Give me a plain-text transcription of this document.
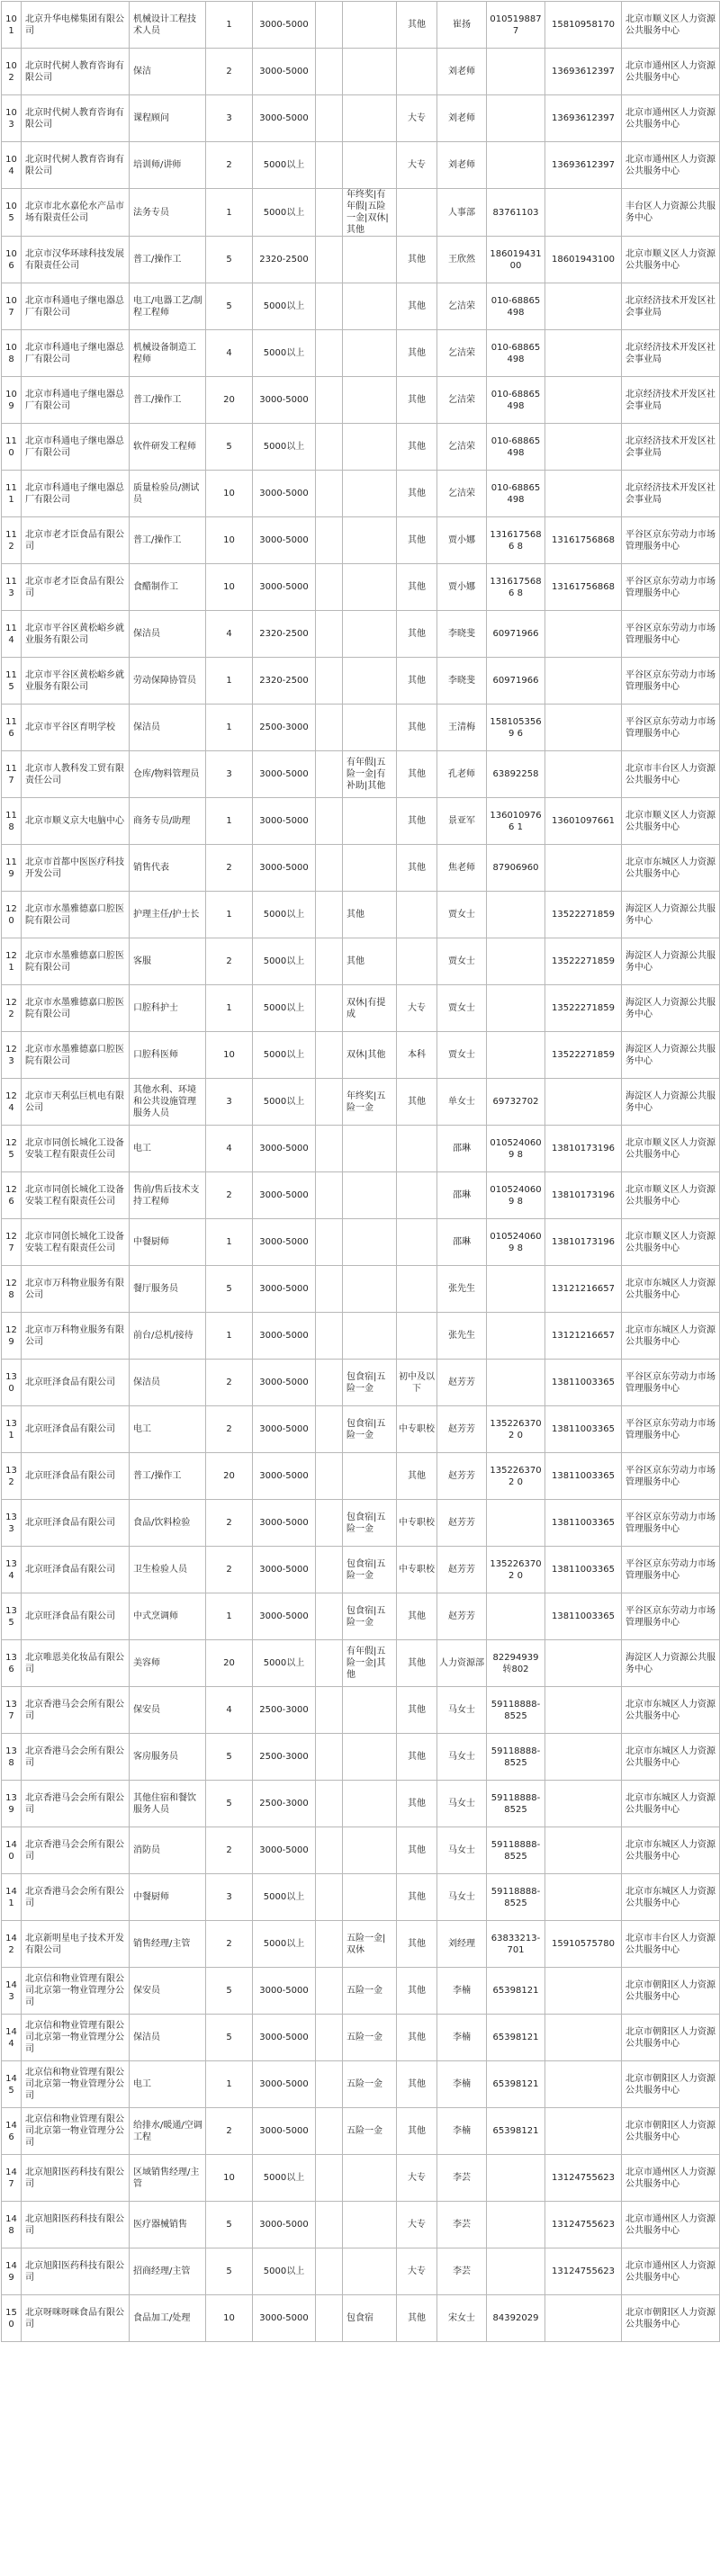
101	北京升华电梯集团有限公司	机械设计工程技术人员	1	3000-5000			其他	崔扬	010519887 7	15810958170	北京市顺义区人力资源公共服务中心
102	北京时代树人教育咨询有限公司	保洁	2	3000-5000				刘老师		13693612397	北京市通州区人力资源公共服务中心
103	北京时代树人教育咨询有限公司	课程顾问	3	3000-5000			大专	刘老师		13693612397	北京市通州区人力资源公共服务中心
104	北京时代树人教育咨询有限公司	培训师/讲师	2	5000以上			大专	刘老师		13693612397	北京市通州区人力资源公共服务中心
105	北京市北水嘉伦水产品市场有限责任公司	法务专员	1	5000以上		年终奖|有年假|五险一金|双休|其他		人事部	83761103		丰台区人力资源公共服务中心
106	北京市汉华环球科技发展有限责任公司	普工/操作工	5	2320-2500			其他	王欣然	18601943100	18601943100	北京市顺义区人力资源公共服务中心
107	北京市科通电子继电器总厂有限公司	电工/电器工艺/制程工程师	5	5000以上			其他	乞洁荣	010-68865498		北京经济技术开发区社会事业局
108	北京市科通电子继电器总厂有限公司	机械设备制造工程师	4	5000以上			其他	乞洁荣	010-68865498		北京经济技术开发区社会事业局
109	北京市科通电子继电器总厂有限公司	普工/操作工	20	3000-5000			其他	乞洁荣	010-68865498		北京经济技术开发区社会事业局
110	北京市科通电子继电器总厂有限公司	软件研发工程师	5	5000以上			其他	乞洁荣	010-68865498		北京经济技术开发区社会事业局
111	北京市科通电子继电器总厂有限公司	质量检验员/测试员	10	3000-5000			其他	乞洁荣	010-68865498		北京经济技术开发区社会事业局
112	北京市老才臣食品有限公司	普工/操作工	10	3000-5000			其他	贾小娜	1316175686 8	13161756868	平谷区京东劳动力市场管理服务中心
113	北京市老才臣食品有限公司	食醋制作工	10	3000-5000			其他	贾小娜	1316175686 8	13161756868	平谷区京东劳动力市场管理服务中心
114	北京市平谷区黄松峪乡就业服务有限公司	保洁员	4	2320-2500			其他	李晓斐	60971966		平谷区京东劳动力市场管理服务中心
115	北京市平谷区黄松峪乡就业服务有限公司	劳动保障协管员	1	2320-2500			其他	李晓斐	60971966		平谷区京东劳动力市场管理服务中心
116	北京市平谷区育明学校	保洁员	1	2500-3000			其他	王清梅	1581053569 6		平谷区京东劳动力市场管理服务中心
117	北京市人教科发工贸有限责任公司	仓库/物料管理员	3	3000-5000		有年假|五险一金|有补助|其他	其他	孔老师	63892258		北京市丰台区人力资源公共服务中心
118	北京市顺义京大电脑中心	商务专员/助理	1	3000-5000			其他	景亚军	1360109766 1	13601097661	北京市顺义区人力资源公共服务中心
119	北京市首都中医医疗科技开发公司	销售代表	2	3000-5000			其他	焦老师	87906960		北京市东城区人力资源公共服务中心
120	北京市水墨雅德嘉口腔医院有限公司	护理主任/护士长	1	5000以上		其他		贾女士		13522271859	海淀区人力资源公共服务中心
121	北京市水墨雅德嘉口腔医院有限公司	客服	2	5000以上		其他		贾女士		13522271859	海淀区人力资源公共服务中心
122	北京市水墨雅德嘉口腔医院有限公司	口腔科护士	1	5000以上		双休|有提成	大专	贾女士		13522271859	海淀区人力资源公共服务中心
123	北京市水墨雅德嘉口腔医院有限公司	口腔科医师	10	5000以上		双休|其他	本科	贾女士		13522271859	海淀区人力资源公共服务中心
124	北京市天利弘巨机电有限公司	其他水利、环境和公共设施管理服务人员	3	5000以上		年终奖|五险一金	其他	单女士	69732702		海淀区人力资源公共服务中心
125	北京市同创长城化工设备安装工程有限责任公司	电工	4	3000-5000				邵琳	0105240609 8	13810173196	北京市顺义区人力资源公共服务中心
126	北京市同创长城化工设备安装工程有限责任公司	售前/售后技术支持工程师	2	3000-5000				邵琳	0105240609 8	13810173196	北京市顺义区人力资源公共服务中心
127	北京市同创长城化工设备安装工程有限责任公司	中餐厨师	1	3000-5000				邵琳	0105240609 8	13810173196	北京市顺义区人力资源公共服务中心
128	北京市万科物业服务有限公司	餐厅服务员	5	3000-5000				张先生		13121216657	北京市东城区人力资源公共服务中心
129	北京市万科物业服务有限公司	前台/总机/接待	1	3000-5000				张先生		13121216657	北京市东城区人力资源公共服务中心
130	北京旺泽食品有限公司	保洁员	2	3000-5000		包食宿|五险一金	初中及以下	赵芳芳		13811003365	平谷区京东劳动力市场管理服务中心
131	北京旺泽食品有限公司	电工	2	3000-5000		包食宿|五险一金	中专职校	赵芳芳	1352263702 0	13811003365	平谷区京东劳动力市场管理服务中心
132	北京旺泽食品有限公司	普工/操作工	20	3000-5000			其他	赵芳芳	1352263702 0	13811003365	平谷区京东劳动力市场管理服务中心
133	北京旺泽食品有限公司	食品/饮料检验	2	3000-5000		包食宿|五险一金	中专职校	赵芳芳		13811003365	平谷区京东劳动力市场管理服务中心
134	北京旺泽食品有限公司	卫生检验人员	2	3000-5000		包食宿|五险一金	中专职校	赵芳芳	1352263702 0	13811003365	平谷区京东劳动力市场管理服务中心
135	北京旺泽食品有限公司	中式烹调师	1	3000-5000		包食宿|五险一金	其他	赵芳芳		13811003365	平谷区京东劳动力市场管理服务中心
136	北京唯恩美化妆品有限公司	美容师	20	5000以上		有年假|五险一金|其他	其他	人力资源部	82294939转802		海淀区人力资源公共服务中心
137	北京香港马会会所有限公司	保安员	4	2500-3000			其他	马女士	59118888-8525		北京市东城区人力资源公共服务中心
138	北京香港马会会所有限公司	客房服务员	5	2500-3000			其他	马女士	59118888-8525		北京市东城区人力资源公共服务中心
139	北京香港马会会所有限公司	其他住宿和餐饮服务人员	5	2500-3000			其他	马女士	59118888-8525		北京市东城区人力资源公共服务中心
140	北京香港马会会所有限公司	消防员	2	3000-5000			其他	马女士	59118888-8525		北京市东城区人力资源公共服务中心
141	北京香港马会会所有限公司	中餐厨师	3	5000以上			其他	马女士	59118888-8525		北京市东城区人力资源公共服务中心
142	北京新明星电子技术开发有限公司	销售经理/主管	2	5000以上		五险一金|双休	其他	刘经理	63833213-701	15910575780	北京市丰台区人力资源公共服务中心
143	北京信和物业管理有限公司北京第一物业管理分公司	保安员	5	3000-5000		五险一金	其他	李楠	65398121		北京市朝阳区人力资源公共服务中心
144	北京信和物业管理有限公司北京第一物业管理分公司	保洁员	5	3000-5000		五险一金	其他	李楠	65398121		北京市朝阳区人力资源公共服务中心
145	北京信和物业管理有限公司北京第一物业管理分公司	电工	1	3000-5000		五险一金	其他	李楠	65398121		北京市朝阳区人力资源公共服务中心
146	北京信和物业管理有限公司北京第一物业管理分公司	给排水/暖通/空调工程	2	3000-5000		五险一金	其他	李楠	65398121		北京市朝阳区人力资源公共服务中心
147	北京旭阳医药科技有限公司	区域销售经理/主管	10	5000以上			大专	李芸		13124755623	北京市通州区人力资源公共服务中心
148	北京旭阳医药科技有限公司	医疗器械销售	5	3000-5000			大专	李芸		13124755623	北京市通州区人力资源公共服务中心
149	北京旭阳医药科技有限公司	招商经理/主管	5	5000以上			大专	李芸		13124755623	北京市通州区人力资源公共服务中心
150	北京呀咪呀咪食品有限公司	食品加工/处理	10	3000-5000		包食宿	其他	宋女士	84392029		北京市朝阳区人力资源公共服务中心
